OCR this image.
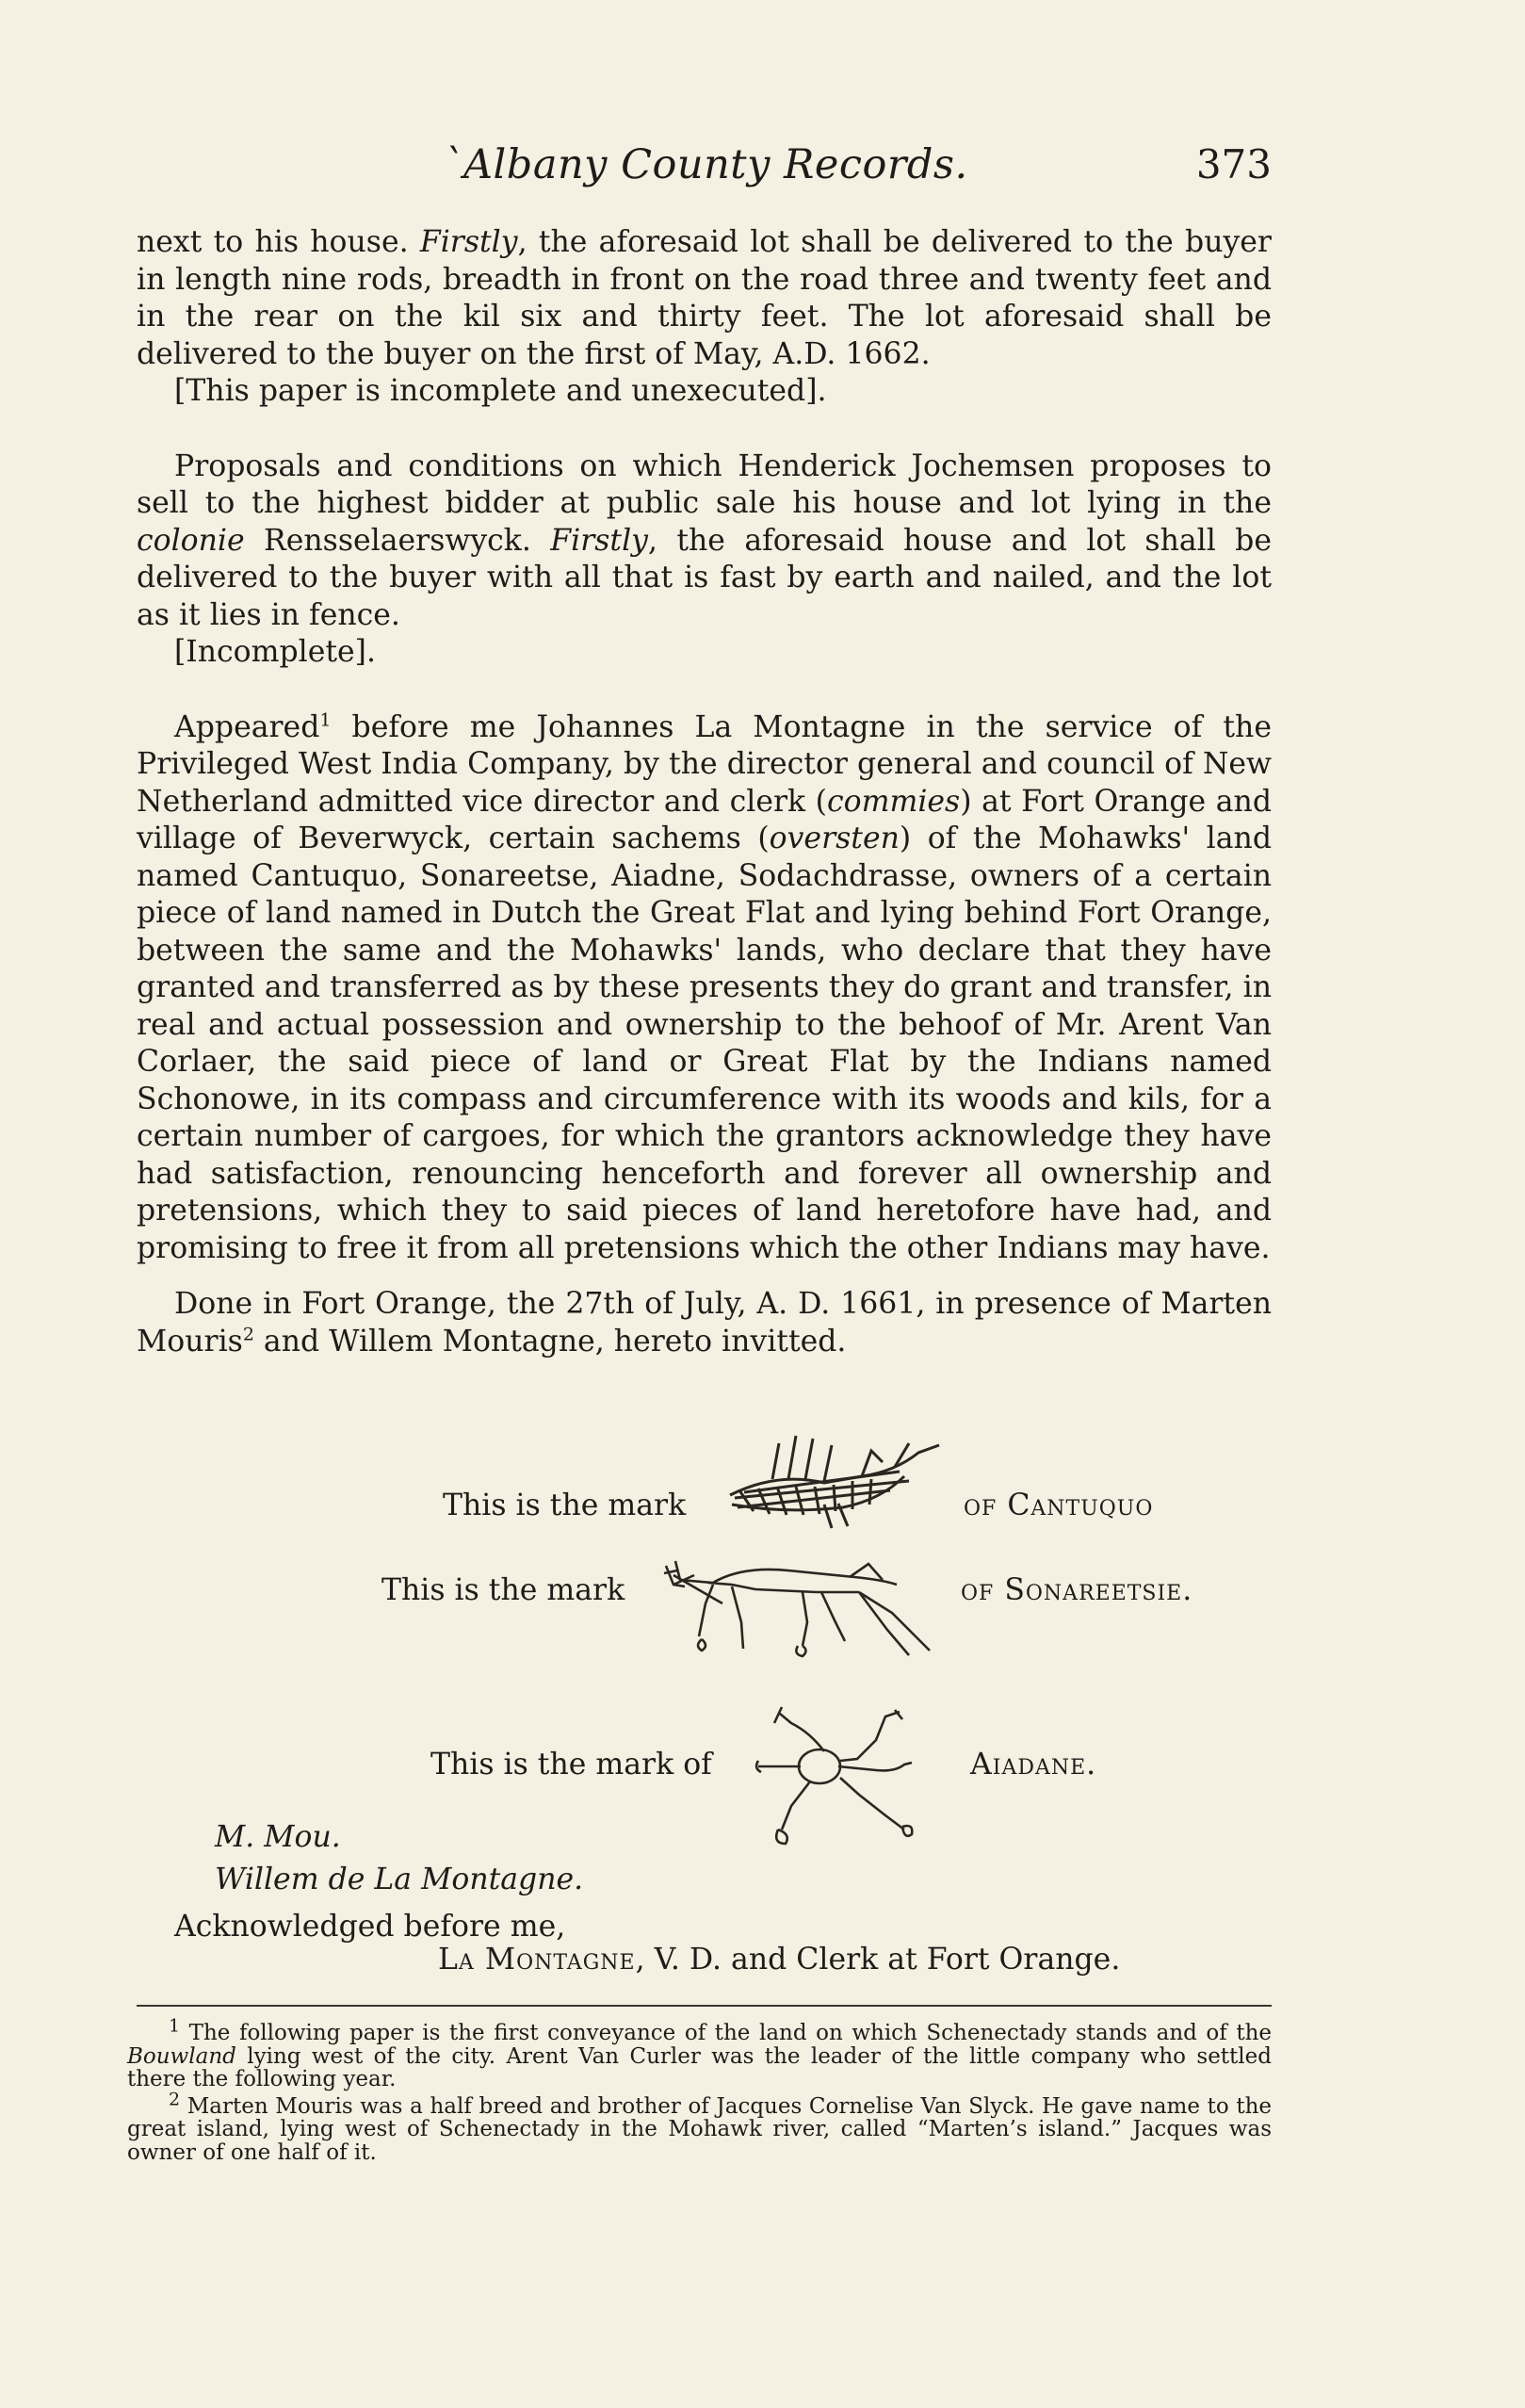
`Albany County Records.	373

next to his house. Firstly, the aforesaid lot shall be delivered to the buyer in length nine rods, breadth in front on the road three and twenty feet and in the rear on the kil six and thirty feet. The lot aforesaid shall be delivered to the buyer on the first of May, A.D. 1662.

[This paper is incomplete and unexecuted].

Proposals and conditions on which Henderick Jochemsen proposes to sell to the highest bidder at public sale his house and lot lying in the colonie Rensselaerswyck. Firstly, the aforesaid house and lot shall be delivered to the buyer with all that is fast by earth and nailed, and the lot as it lies in fence.

[Incomplete].

Appeared$^1$ before me Johannes La Montagne in the service of the Privileged West India Company, by the director general and council of New Netherland admitted vice director and clerk (commies) at Fort Orange and village of Beverwyck, certain sachems (oversten) of the Mohawks' land named Cantuquo, Sonareetse, Aiadne, Sodachdrasse, owners of a certain piece of land named in Dutch the Great Flat and lying behind Fort Orange, between the same and the Mohawks' lands, who declare that they have granted and transferred as by these presents they do grant and transfer, in real and actual possession and ownership to the behoof of Mr. Arent Van Corlaer, the said piece of land or Great Flat by the Indians named Schonowe, in its compass and circumference with its woods and kils, for a certain number of cargoes, for which the grantors acknowledge they have had satisfaction, renouncing henceforth and forever all ownership and pretensions, which they to said pieces of land heretofore have had, and promising to free it from all pretensions which the other Indians may have.

Done in Fort Orange, the 27th of July, A. D. 1661, in presence of Marten Mouris$^2$ and Willem Montagne, hereto invitted.

This is the mark	of Cantuquo
This is the mark	of Sonareetsie.
This is the mark of	Aiadane.
M. Mou.
Willem de La Montagne.
Acknowledged before me,
La Montagne, V. D. and Clerk at Fort Orange.

$^1$ The following paper is the first conveyance of the land on which Schenectady stands and of the Bouwland lying west of the city. Arent Van Curler was the leader of the little company who settled there the following year.

$^2$ Marten Mouris was a half breed and brother of Jacques Cornelise Van Slyck. He gave name to the great island, lying west of Schenectady in the Mohawk river, called “Marten’s island.” Jacques was owner of one half of it.
